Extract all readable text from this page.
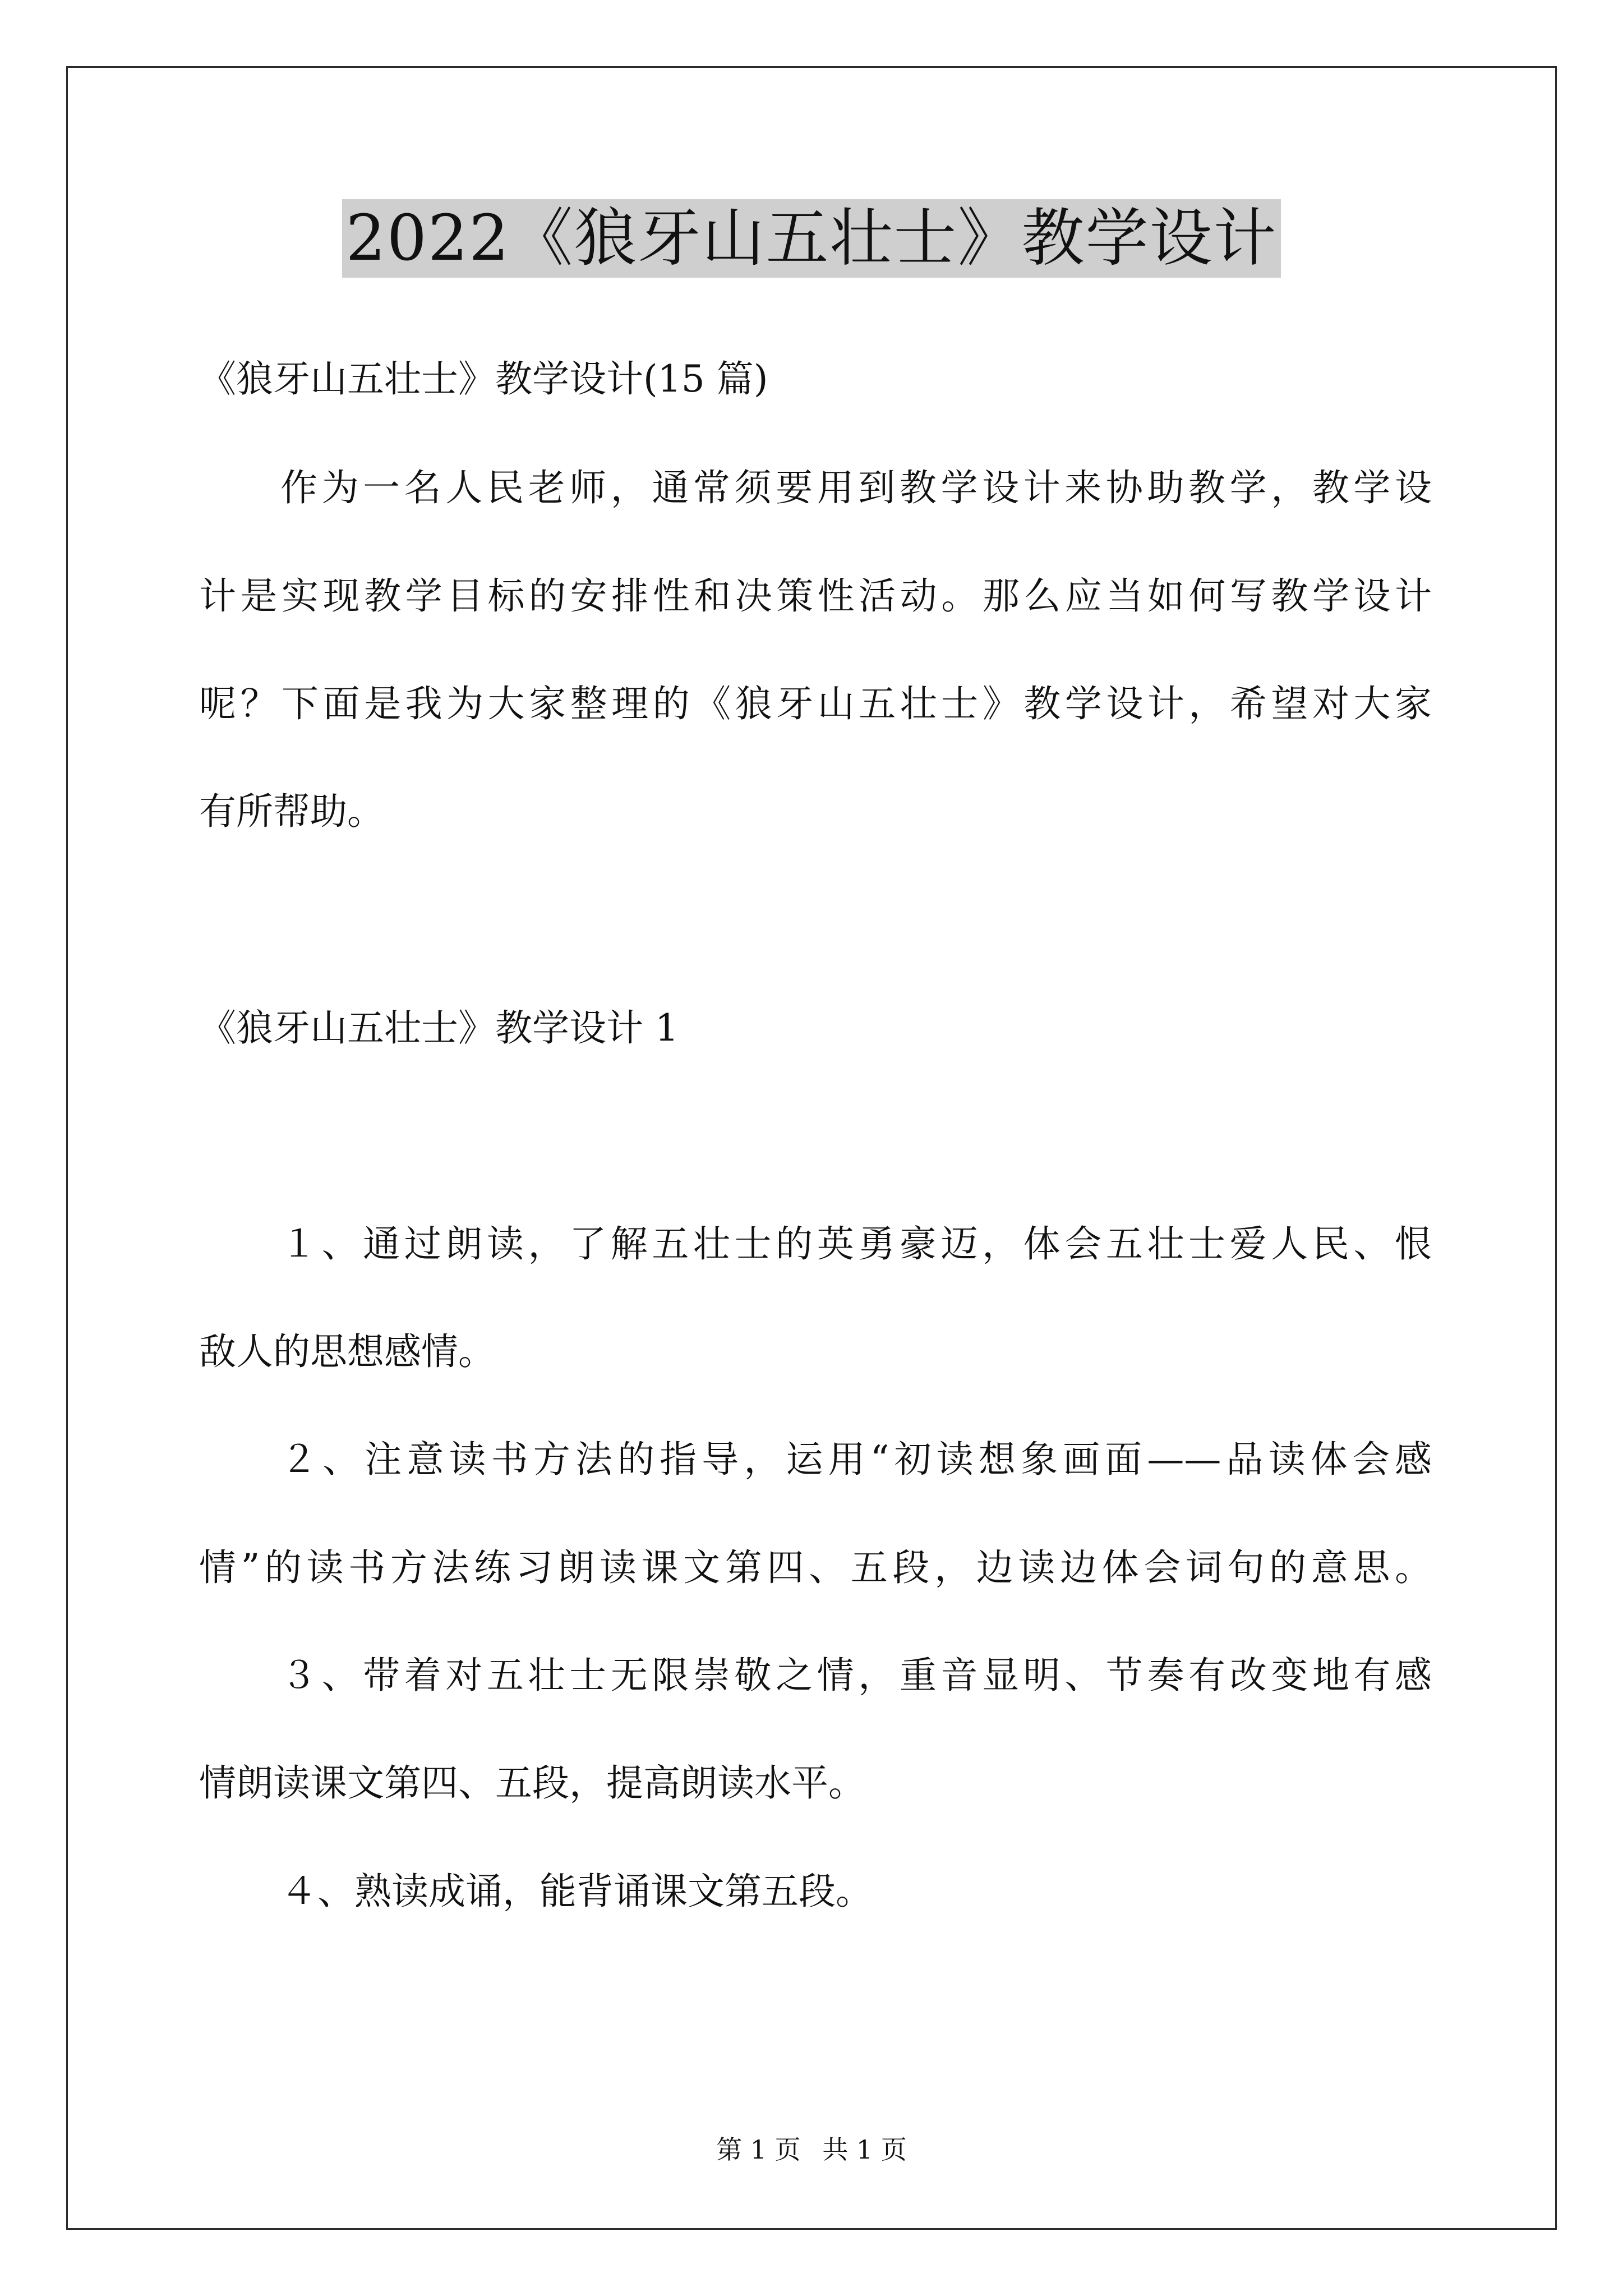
2022《狼牙山五壮士》教学设计
《狼牙山五壮士》教学设计(15 篇)
作为一名人民老师，通常须要用到教学设计来协助教学，教学设
计是实现教学目标的安排性和决策性活动。那么应当如何写教学设计
呢？下面是我为大家整理的《狼牙山五壮士》教学设计，希望对大家
有所帮助。
《狼牙山五壮士》教学设计 1
１、通过朗读，了解五壮士的英勇豪迈，体会五壮士爱人民、恨
敌人的思想感情。
２、注意读书方法的指导，运用“初读想象画面——品读体会感
情”的读书方法练习朗读课文第四、五段，边读边体会词句的意思。
３、带着对五壮士无限崇敬之情，重音显明、节奏有改变地有感
情朗读课文第四、五段，提高朗读水平。
４、熟读成诵，能背诵课文第五段。
第 1 页 共 1 页
